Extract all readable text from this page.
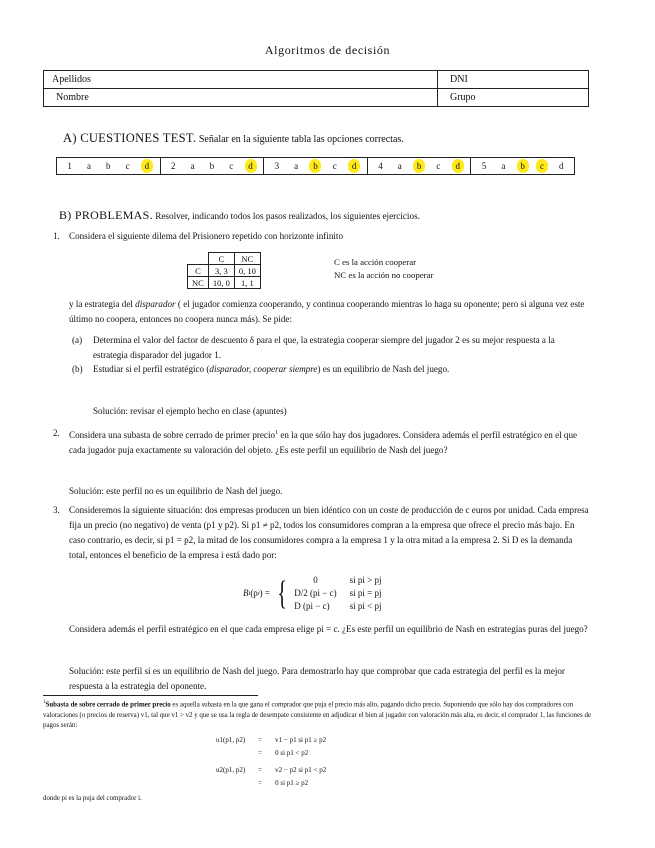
Algoritmos de decisión
Apellidos	DNI
Nombre	Grupo
A) CUESTIONES TEST. Señalar en la siguiente tabla las opciones correctas.
1	a	b	c	d	2	a	b	c	d	3	a	b	c	d	4	a	b	c	d	5	a	b	c	d
B) PROBLEMAS. Resolver, indicando todos los pasos realizados, los siguientes ejercicios.
1. Considera el siguiente dilema del Prisionero repetido con horizonte infinito
	C	NC
C	3, 3	0, 10
NC	10, 0	1, 1
C es la acción cooperar
NC es la acción no cooperar
y la estrategia del disparador ( el jugador comienza cooperando, y continua cooperando mientras lo haga su oponente; pero si alguna vez este último no coopera, entonces no coopera nunca más). Se pide:
(a) Determina el valor del factor de descuento δ para el que, la estrategia cooperar siempre del jugador 2 es su mejor respuesta a la estrategia disparador del jugador 1.
(b) Estudiar si el perfil estratégico (disparador, cooperar siempre) es un equilibrio de Nash del juego.
Solución: revisar el ejemplo hecho en clase (apuntes)
2. Considera una subasta de sobre cerrado de primer precio$^1$ en la que sólo hay dos jugadores. Considera además el perfil estratégico en el que cada jugador puja exactamente su valoración del objeto. ¿Es este perfil un equilibrio de Nash del juego?
Solución: este perfil no es un equilibrio de Nash del juego.
3. Consideremos la siguiente situación: dos empresas producen un bien idéntico con un coste de producción de c euros por unidad. Cada empresa fija un precio (no negativo) de venta (p1 y p2). Si p1 ≠ p2, todos los consumidores compran a la empresa que ofrece el precio más bajo. En caso contrario, es decir, si p1 = p2, la mitad de los consumidores compra a la empresa 1 y la otra mitad a la empresa 2. Si D es la demanda total, entonces el beneficio de la empresa i está dado por:
B i (p i ) = {	0	si pi > pj
D/2 (pi − c)	si pi = pj
D (pi − c)	si pi < pj
Considera además el perfil estratégico en el que cada empresa elige pi = c. ¿Es este perfil un equilibrio de Nash en estrategias puras del juego?
Solución: este perfil sí es un equilibrio de Nash del juego. Para demostrarlo hay que comprobar que cada estrategia del perfil es la mejor respuesta a la estrategia del oponente.
$^1$Subasta de sobre cerrado de primer precio es aquella subasta en la que gana el comprador que puja el precio más alto, pagando dicho precio. Suponiendo que sólo hay dos compradores con valoraciones (o precios de reserva) v1, tal que v1 > v2 y que se usa la regla de desempate consistente en adjudicar el bien al jugador con valoración más alta, es decir, el comprador 1, las funciones de pagos serán:
u1(p1, p2)	=	v1 − p1 si p1 ≥ p2
	=	0 si p1 < p2
u2(p1, p2)	=	v2 − p2 si p1 < p2
	=	0 si p1 ≥ p2
donde pi es la puja del comprador i.
